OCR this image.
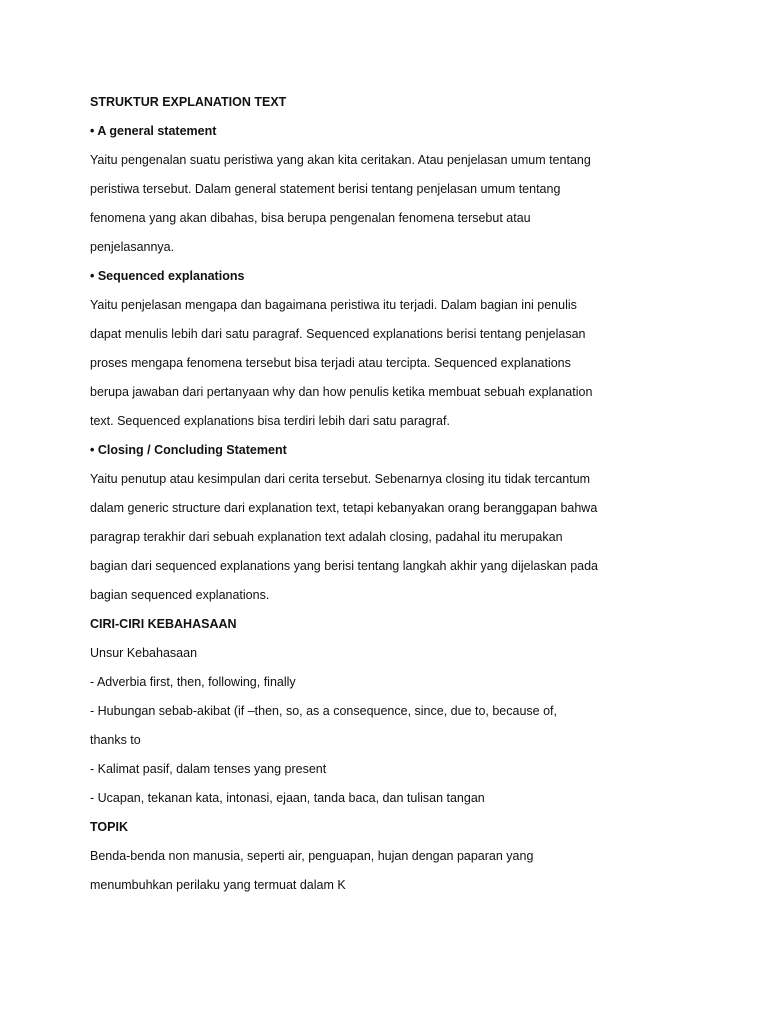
STRUKTUR EXPLANATION TEXT
• A general statement
Yaitu pengenalan suatu peristiwa yang akan kita ceritakan. Atau penjelasan umum tentang
peristiwa tersebut. Dalam general statement berisi tentang penjelasan umum tentang
fenomena yang akan dibahas, bisa berupa pengenalan fenomena tersebut atau
penjelasannya.
• Sequenced explanations
Yaitu penjelasan mengapa dan bagaimana peristiwa itu terjadi. Dalam bagian ini penulis
dapat menulis lebih dari satu paragraf. Sequenced explanations berisi tentang penjelasan
proses mengapa fenomena tersebut bisa terjadi atau tercipta. Sequenced explanations
berupa jawaban dari pertanyaan why dan how penulis ketika membuat sebuah explanation
text. Sequenced explanations bisa terdiri lebih dari satu paragraf.
• Closing / Concluding Statement
Yaitu penutup atau kesimpulan dari cerita tersebut. Sebenarnya closing itu tidak tercantum
dalam generic structure dari explanation text, tetapi kebanyakan orang beranggapan bahwa
paragrap terakhir dari sebuah explanation text adalah closing, padahal itu merupakan
bagian dari sequenced explanations yang berisi tentang langkah akhir yang dijelaskan pada
bagian sequenced explanations.
CIRI-CIRI KEBAHASAAN
Unsur Kebahasaan
- Adverbia first, then, following, finally
- Hubungan sebab-akibat (if –then, so, as a consequence, since, due to, because of,
thanks to
- Kalimat pasif, dalam tenses yang present
- Ucapan, tekanan kata, intonasi, ejaan, tanda baca, dan tulisan tangan
TOPIK
Benda-benda non manusia, seperti air, penguapan, hujan dengan paparan yang
menumbuhkan perilaku yang termuat dalam K
